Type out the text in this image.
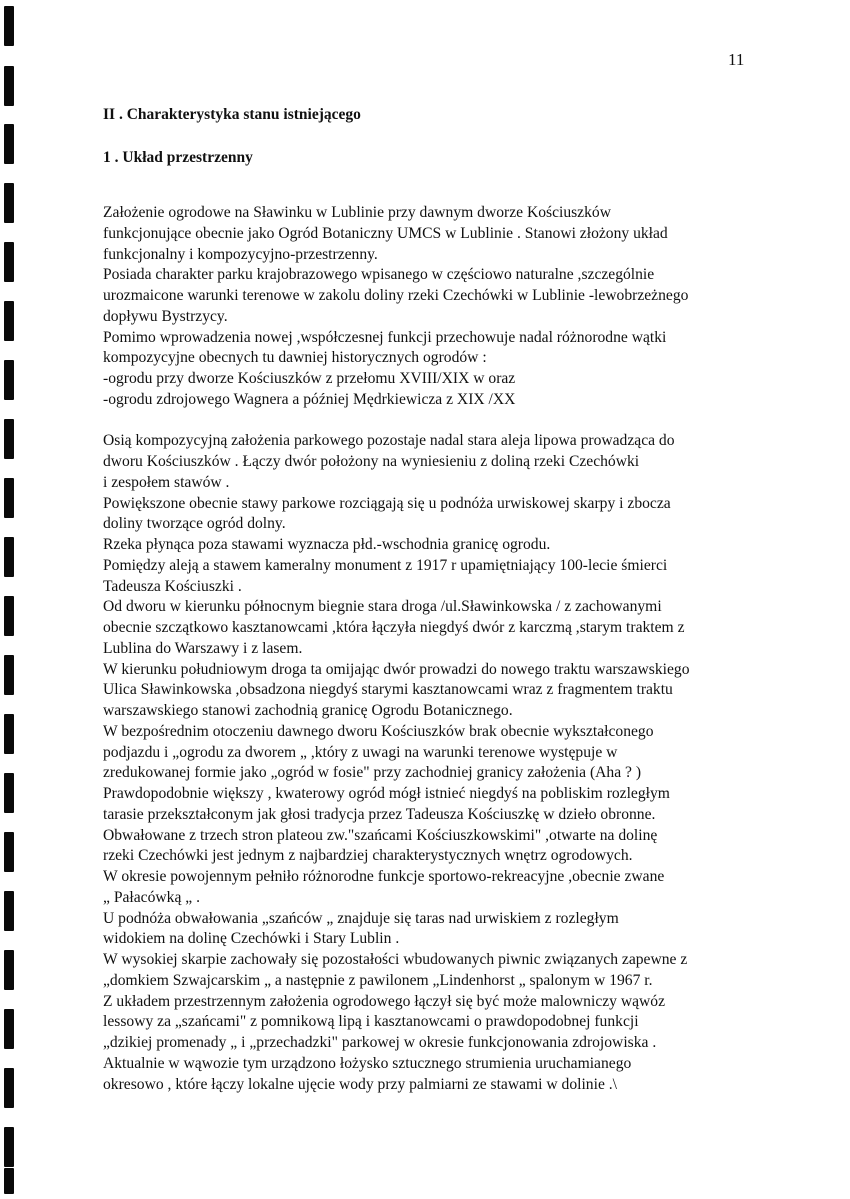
11
II . Charakterystyka stanu istniejącego
1 . Układ przestrzenny
Założenie ogrodowe na Sławinku w Lublinie przy dawnym dworze Kościuszków
funkcjonujące obecnie jako Ogród Botaniczny UMCS w Lublinie . Stanowi złożony układ
funkcjonalny i kompozycyjno-przestrzenny.
Posiada charakter parku krajobrazowego wpisanego w częściowo naturalne ,szczególnie
urozmaicone warunki terenowe w zakolu doliny rzeki Czechówki w Lublinie -lewobrzeżnego
dopływu Bystrzycy.
Pomimo wprowadzenia nowej ,współczesnej funkcji przechowuje nadal różnorodne wątki
kompozycyjne obecnych tu dawniej historycznych ogrodów :
-ogrodu przy dworze Kościuszków z przełomu XVIII/XIX w oraz
-ogrodu zdrojowego Wagnera a później Mędrkiewicza z XIX /XX
Osią kompozycyjną założenia parkowego pozostaje nadal stara aleja lipowa prowadząca do
dworu Kościuszków . Łączy dwór położony na wyniesieniu z doliną rzeki Czechówki
i zespołem stawów .
Powiększone obecnie stawy parkowe rozciągają się u podnóża urwiskowej skarpy i zbocza
doliny tworzące ogród dolny.
Rzeka płynąca poza stawami wyznacza płd.-wschodnia granicę ogrodu.
Pomiędzy aleją a stawem kameralny monument z 1917 r upamiętniający 100-lecie śmierci
Tadeusza Kościuszki .
Od dworu w kierunku północnym biegnie stara droga /ul.Sławinkowska / z zachowanymi
obecnie szczątkowo kasztanowcami ,która łączyła niegdyś dwór z karczmą ,starym traktem z
Lublina do Warszawy i z lasem.
W kierunku południowym droga ta omijając dwór prowadzi do nowego traktu warszawskiego
Ulica Sławinkowska ,obsadzona niegdyś starymi kasztanowcami wraz z fragmentem traktu
warszawskiego stanowi zachodnią granicę Ogrodu Botanicznego.
W bezpośrednim otoczeniu dawnego dworu Kościuszków brak obecnie wykształconego
podjazdu i „ogrodu za dworem „ ,który z uwagi na warunki terenowe występuje w
zredukowanej formie jako „ogród w fosie" przy zachodniej granicy założenia (Aha ? )
Prawdopodobnie większy , kwaterowy ogród mógł istnieć niegdyś na pobliskim rozległym
tarasie przekształconym jak głosi tradycja przez Tadeusza Kościuszkę w dzieło obronne.
Obwałowane z trzech stron plateou zw."szańcami Kościuszkowskimi" ,otwarte na dolinę
rzeki Czechówki jest jednym z najbardziej charakterystycznych wnętrz ogrodowych.
W okresie powojennym pełniło różnorodne funkcje sportowo-rekreacyjne ,obecnie zwane
„ Pałacówką „ .
U podnóża obwałowania „szańców „ znajduje się taras nad urwiskiem z rozległym
widokiem na dolinę Czechówki i Stary Lublin .
W wysokiej skarpie zachowały się pozostałości wbudowanych piwnic związanych zapewne z
„domkiem Szwajcarskim „ a następnie z pawilonem „Lindenhorst „ spalonym w 1967 r.
Z układem przestrzennym założenia ogrodowego łączył się być może malowniczy wąwóz
lessowy za „szańcami" z pomnikową lipą i kasztanowcami o prawdopodobnej funkcji
„dzikiej promenady „ i „przechadzki" parkowej w okresie funkcjonowania zdrojowiska .
Aktualnie w wąwozie tym urządzono łożysko sztucznego strumienia uruchamianego
okresowo , które łączy lokalne ujęcie wody przy palmiarni ze stawami w dolinie .\
